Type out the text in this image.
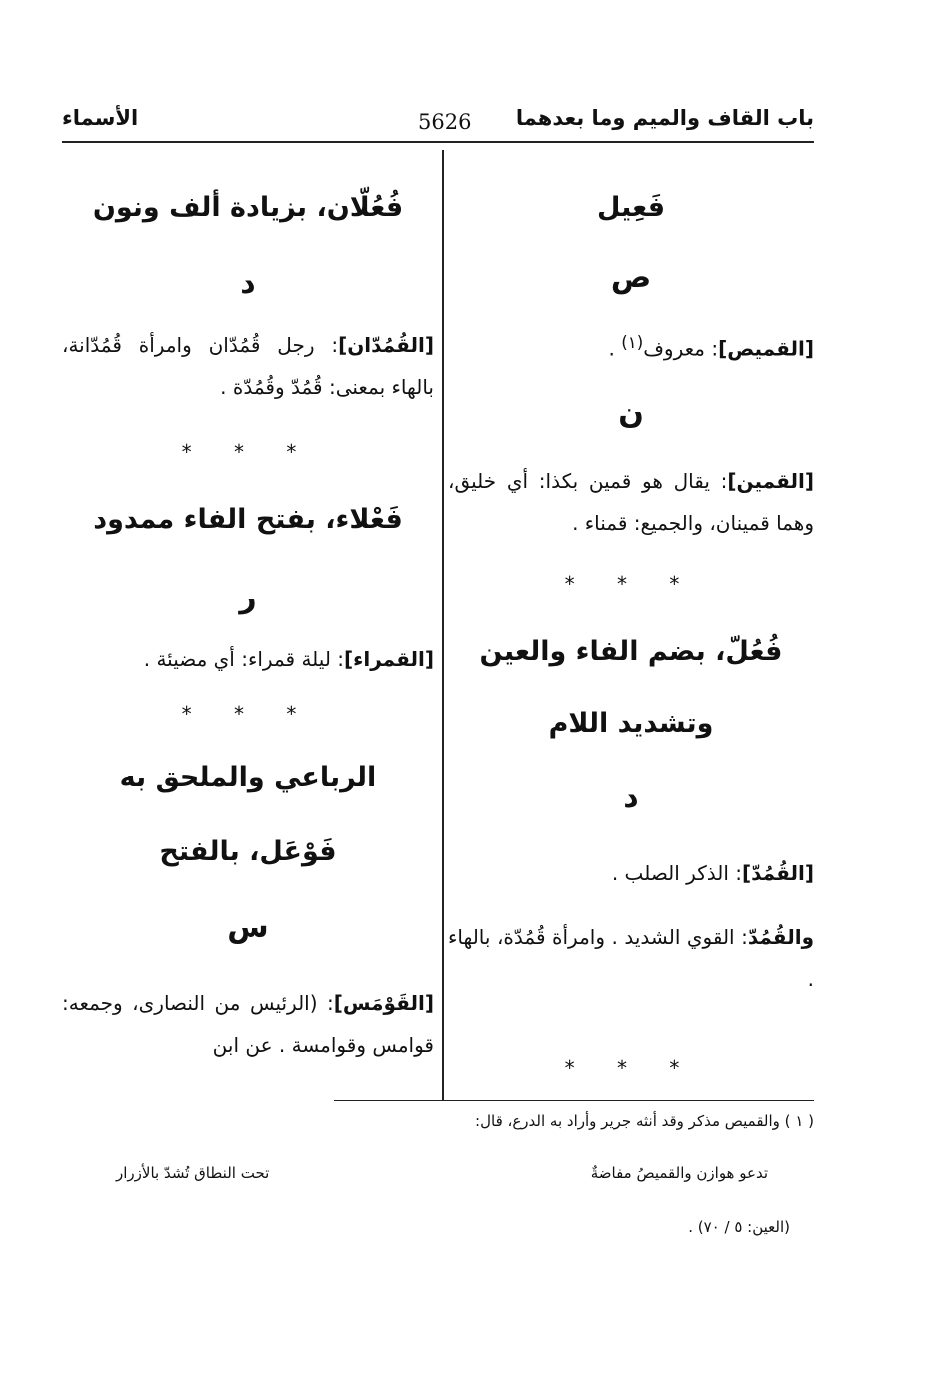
باب القاف والميم وما بعدهما
5626
الأسماء
فَعِيل
ص
[القميص]: معروف$^{(١)}$ .
ن
[القمين]: يقال هو قمين بكذا: أي خليق، وهما قمينان، والجميع: قمناء .
* * *
فُعُلّ، بضم الفاء والعين
وتشديد اللام
د
[القُمُدّ]: الذكر الصلب .
والقُمُدّ: القوي الشديد . وامرأة قُمُدّة، بالهاء .
* * *
فُعُلّان، بزيادة ألف ونون
د
[القُمُدّان]: رجل قُمُدّان وامرأة قُمُدّانة، بالهاء بمعنى: قُمُدّ وقُمُدّة .
* * *
فَعْلاء، بفتح الفاء ممدود
ر
[القمراء]: ليلة قمراء: أي مضيئة .
* * *
الرباعي والملحق به
فَوْعَل، بالفتح
س
[القَوْمَس]: (الرئيس من النصارى، وجمعه: قوامس وقوامسة . عن ابن
( ١ ) والقميص مذكر وقد أنثه جرير وأراد به الدرع، قال:
تدعو هوازن والقميصُ مفاضةٌ
تحت النطاق تُشدّ بالأزرار
(العين: ٥ / ٧٠) .
